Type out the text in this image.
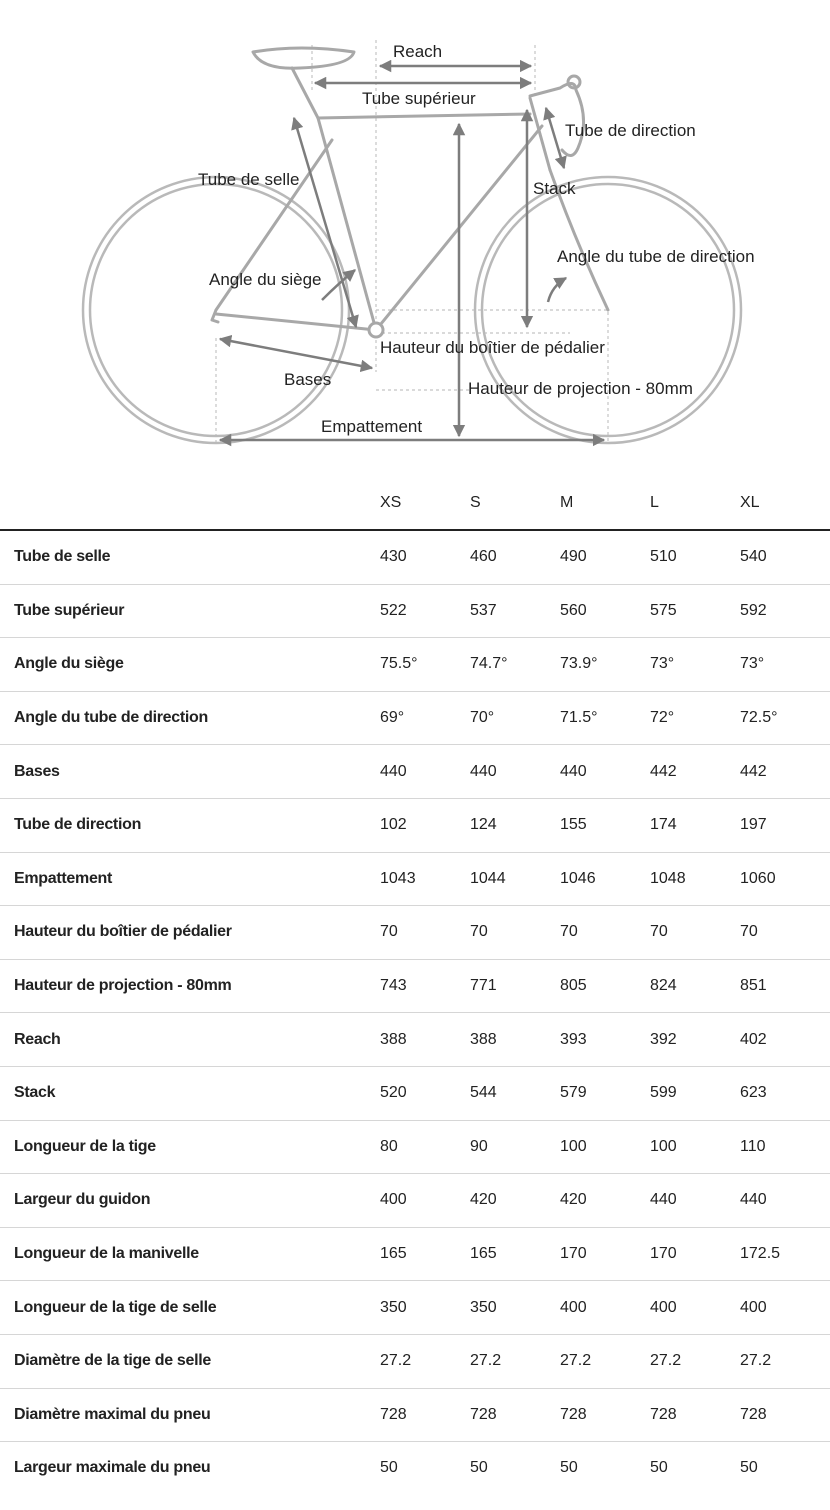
Reach
Tube supérieur
Tube de direction
Tube de selle	Stack
Angle du tube de direction
Angle du siège
Hauteur du boîtier de pédalier
Bases	Hauteur de projection - 80mm
Empattement
	XS	S	M	L	XL
Tube de selle	430	460	490	510	540
Tube supérieur	522	537	560	575	592
Angle du siège	75.5°	74.7°	73.9°	73°	73°
Angle du tube de direction	69°	70°	71.5°	72°	72.5°
Bases	440	440	440	442	442
Tube de direction	102	124	155	174	197
Empattement	1043	1044	1046	1048	1060
Hauteur du boîtier de pédalier	70	70	70	70	70
Hauteur de projection - 80mm	743	771	805	824	851
Reach	388	388	393	392	402
Stack	520	544	579	599	623
Longueur de la tige	80	90	100	100	110
Largeur du guidon	400	420	420	440	440
Longueur de la manivelle	165	165	170	170	172.5
Longueur de la tige de selle	350	350	400	400	400
Diamètre de la tige de selle	27.2	27.2	27.2	27.2	27.2
Diamètre maximal du pneu	728	728	728	728	728
Largeur maximale du pneu	50	50	50	50	50
